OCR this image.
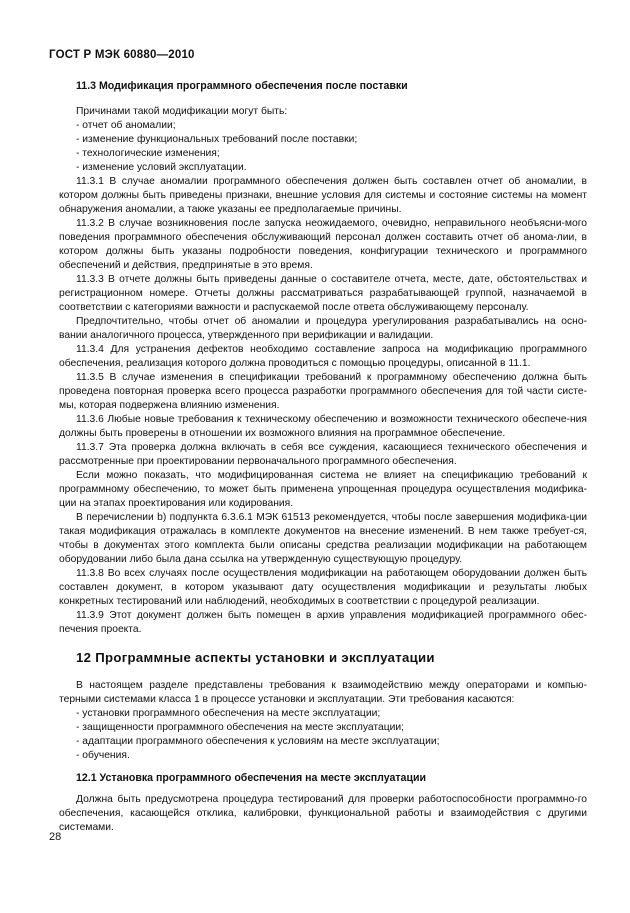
ГОСТ Р МЭК 60880—2010

11.3 Модификация программного обеспечения после поставки

Причинами такой модификации могут быть:

- отчет об аномалии;

- изменение функциональных требований после поставки;

- технологические изменения;

- изменение условий эксплуатации.

11.3.1 В случае аномалии программного обеспечения должен быть составлен отчет об аномалии, в котором должны быть приведены признаки, внешние условия для системы и состояние системы на момент обнаружения аномалии, а также указаны ее предполагаемые причины.

11.3.2 В случае возникновения после запуска неожидаемого, очевидно, неправильного необъясни-мого поведения программного обеспечения обслуживающий персонал должен составить отчет об анома-лии, в котором должны быть указаны подробности поведения, конфигурации технического и программного обеспечений и действия, предпринятые в это время.

11.3.3 В отчете должны быть приведены данные о составителе отчета, месте, дате, обстоятельствах и регистрационном номере. Отчеты должны рассматриваться разрабатывающей группой, назначаемой в соответствии с категориями важности и распускаемой после ответа обслуживающему персоналу.

Предпочтительно, чтобы отчет об аномалии и процедура урегулирования разрабатывались на осно-вании аналогичного процесса, утвержденного при верификации и валидации.

11.3.4 Для устранения дефектов необходимо составление запроса на модификацию программного обеспечения, реализация которого должна проводиться с помощью процедуры, описанной в 11.1.

11.3.5 В случае изменения в спецификации требований к программному обеспечению должна быть проведена повторная проверка всего процесса разработки программного обеспечения для той части систе-мы, которая подвержена влиянию изменения.

11.3.6 Любые новые требования к техническому обеспечению и возможности технического обеспече-ния должны быть проверены в отношении их возможного влияния на программное обеспечение.

11.3.7 Эта проверка должна включать в себя все суждения, касающиеся технического обеспечения и рассмотренные при проектировании первоначального программного обеспечения.

Если можно показать, что модифицированная система не влияет на спецификацию требований к программному обеспечению, то может быть применена упрощенная процедура осуществления модифика-ции на этапах проектирования или кодирования.

В перечислении b) подпункта 6.3.6.1 МЭК 61513 рекомендуется, чтобы после завершения модифика-ции такая модификация отражалась в комплекте документов на внесение изменений. В нем также требует-ся, чтобы в документах этого комплекта были описаны средства реализации модификации на работающем оборудовании либо была дана ссылка на утвержденную существующую процедуру.

11.3.8 Во всех случаях после осуществления модификации на работающем оборудовании должен быть составлен документ, в котором указывают дату осуществления модификации и результаты любых конкретных тестирований или наблюдений, необходимых в соответствии с процедурой реализации.

11.3.9 Этот документ должен быть помещен в архив управления модификацией программного обес-печения проекта.

12 Программные аспекты установки и эксплуатации

В настоящем разделе представлены требования к взаимодействию между операторами и компью-терными системами класса 1 в процессе установки и эксплуатации. Эти требования касаются:

- установки программного обеспечения на месте эксплуатации;

- защищенности программного обеспечения на месте эксплуатации;

- адаптации программного обеспечения к условиям на месте эксплуатации;

- обучения.

12.1 Установка программного обеспечения на месте эксплуатации

Должна быть предусмотрена процедура тестирований для проверки работоспособности программно-го обеспечения, касающейся отклика, калибровки, функциональной работы и взаимодействия с другими системами.

28
